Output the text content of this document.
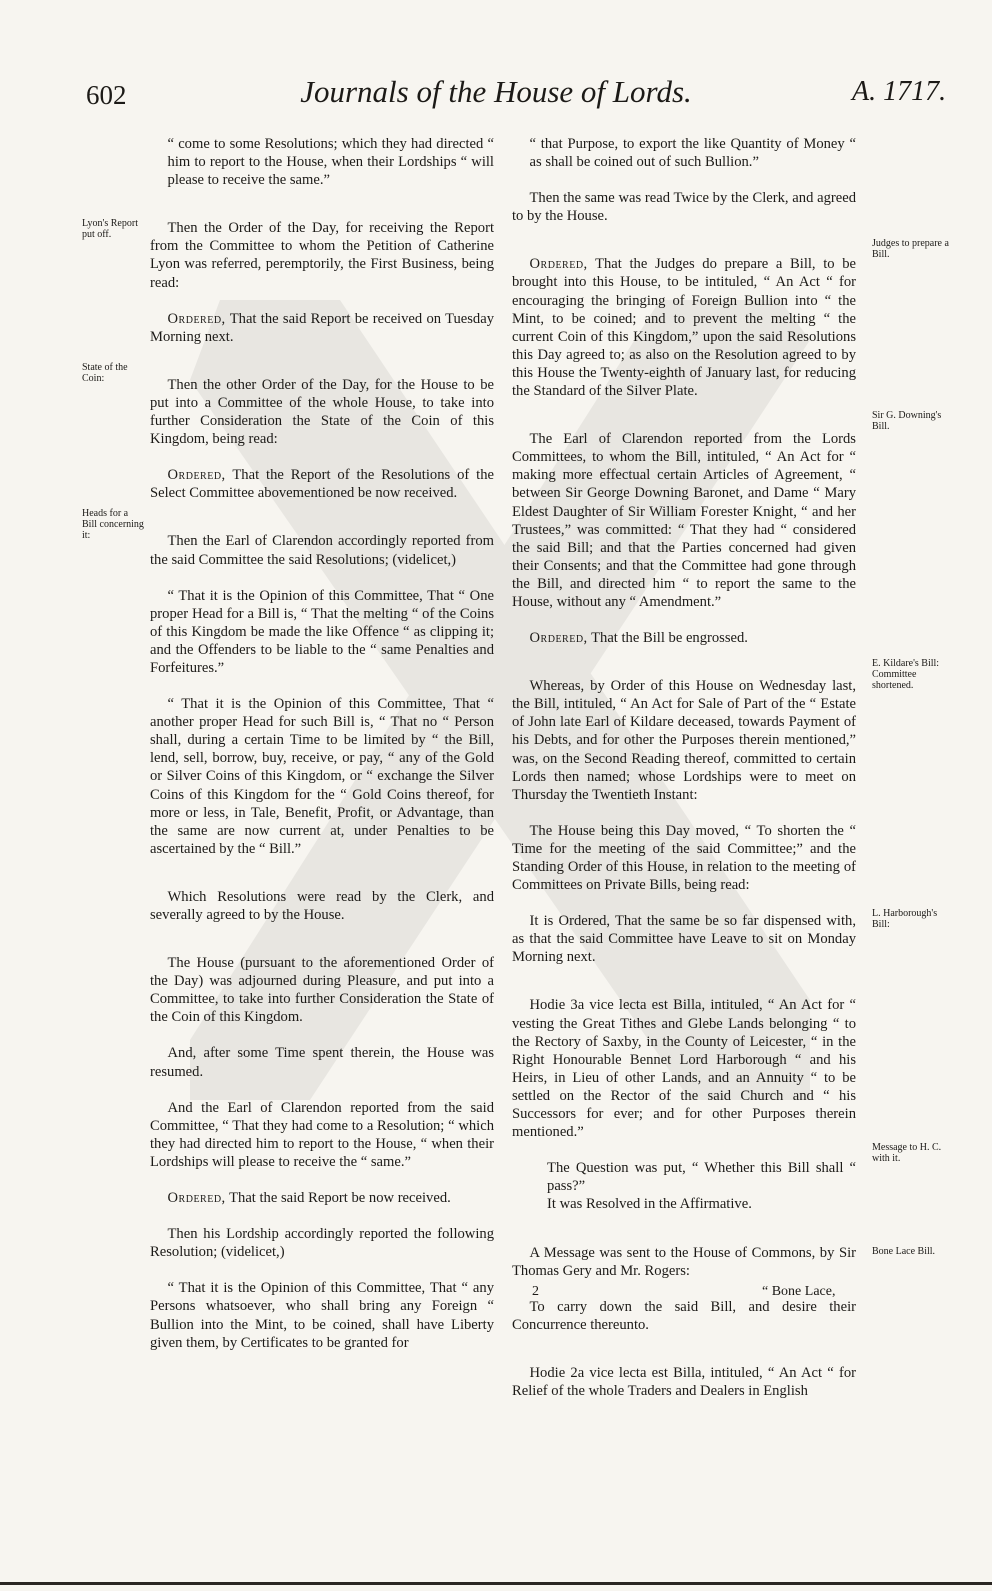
602	Journals of the House of Lords.	A. 1717.
Lyon's Report put off.
State of the Coin:
Heads for a Bill concerning it:
Judges to prepare a Bill.
Sir G. Downing's Bill.
E. Kildare's Bill: Committee shortened.
L. Harborough's Bill:
Message to H. C. with it.
Bone Lace Bill.

“ come to some Resolutions; which they had directed “ him to report to the House, when their Lordships “ will please to receive the same.”

Then the Order of the Day, for receiving the Report from the Committee to whom the Petition of Catherine Lyon was referred, peremptorily, the First Business, being read:

Ordered, That the said Report be received on Tuesday Morning next.

Then the other Order of the Day, for the House to be put into a Committee of the whole House, to take into further Consideration the State of the Coin of this Kingdom, being read:

Ordered, That the Report of the Resolutions of the Select Committee abovementioned be now received.

Then the Earl of Clarendon accordingly reported from the said Committee the said Resolutions; (videlicet,)

“ That it is the Opinion of this Committee, That “ One proper Head for a Bill is, “ That the melting “ of the Coins of this Kingdom be made the like Offence “ as clipping it; and the Offenders to be liable to the “ same Penalties and Forfeitures.”

“ That it is the Opinion of this Committee, That “ another proper Head for such Bill is, “ That no “ Person shall, during a certain Time to be limited by “ the Bill, lend, sell, borrow, buy, receive, or pay, “ any of the Gold or Silver Coins of this Kingdom, or “ exchange the Silver Coins of this Kingdom for the “ Gold Coins thereof, for more or less, in Tale, Benefit, Profit, or Advantage, than the same are now current at, under Penalties to be ascertained by the “ Bill.”

Which Resolutions were read by the Clerk, and severally agreed to by the House.

The House (pursuant to the aforementioned Order of the Day) was adjourned during Pleasure, and put into a Committee, to take into further Consideration the State of the Coin of this Kingdom.

And, after some Time spent therein, the House was resumed.

And the Earl of Clarendon reported from the said Committee, “ That they had come to a Resolution; “ which they had directed him to report to the House, “ when their Lordships will please to receive the “ same.”

Ordered, That the said Report be now received.

Then his Lordship accordingly reported the following Resolution; (videlicet,)

“ That it is the Opinion of this Committee, That “ any Persons whatsoever, who shall bring any Foreign “ Bullion into the Mint, to be coined, shall have Liberty given them, by Certificates to be granted for

“ that Purpose, to export the like Quantity of Money “ as shall be coined out of such Bullion.”

Then the same was read Twice by the Clerk, and agreed to by the House.

Ordered, That the Judges do prepare a Bill, to be brought into this House, to be intituled, “ An Act “ for encouraging the bringing of Foreign Bullion into “ the Mint, to be coined; and to prevent the melting “ the current Coin of this Kingdom,” upon the said Resolutions this Day agreed to; as also on the Resolution agreed to by this House the Twenty-eighth of January last, for reducing the Standard of the Silver Plate.

The Earl of Clarendon reported from the Lords Committees, to whom the Bill, intituled, “ An Act for “ making more effectual certain Articles of Agreement, “ between Sir George Downing Baronet, and Dame “ Mary Eldest Daughter of Sir William Forester Knight, “ and her Trustees,” was committed: “ That they had “ considered the said Bill; and that the Parties concerned had given their Consents; and that the Committee had gone through the Bill, and directed him “ to report the same to the House, without any “ Amendment.”

Ordered, That the Bill be engrossed.

Whereas, by Order of this House on Wednesday last, the Bill, intituled, “ An Act for Sale of Part of the “ Estate of John late Earl of Kildare deceased, towards Payment of his Debts, and for other the Purposes therein mentioned,” was, on the Second Reading thereof, committed to certain Lords then named; whose Lordships were to meet on Thursday the Twentieth Instant:

The House being this Day moved, “ To shorten the “ Time for the meeting of the said Committee;” and the Standing Order of this House, in relation to the meeting of Committees on Private Bills, being read:

It is Ordered, That the same be so far dispensed with, as that the said Committee have Leave to sit on Monday Morning next.

Hodie 3a vice lecta est Billa, intituled, “ An Act for “ vesting the Great Tithes and Glebe Lands belonging “ to the Rectory of Saxby, in the County of Leicester, “ in the Right Honourable Bennet Lord Harborough “ and his Heirs, in Lieu of other Lands, and an Annuity “ to be settled on the Rector of the said Church and “ his Successors for ever; and for other Purposes therein mentioned.”

The Question was put, “ Whether this Bill shall “ pass?”

It was Resolved in the Affirmative.

A Message was sent to the House of Commons, by Sir Thomas Gery and Mr. Rogers:

To carry down the said Bill, and desire their Concurrence thereunto.

Hodie 2a vice lecta est Billa, intituled, “ An Act “ for Relief of the whole Traders and Dealers in English

2	“ Bone Lace,
